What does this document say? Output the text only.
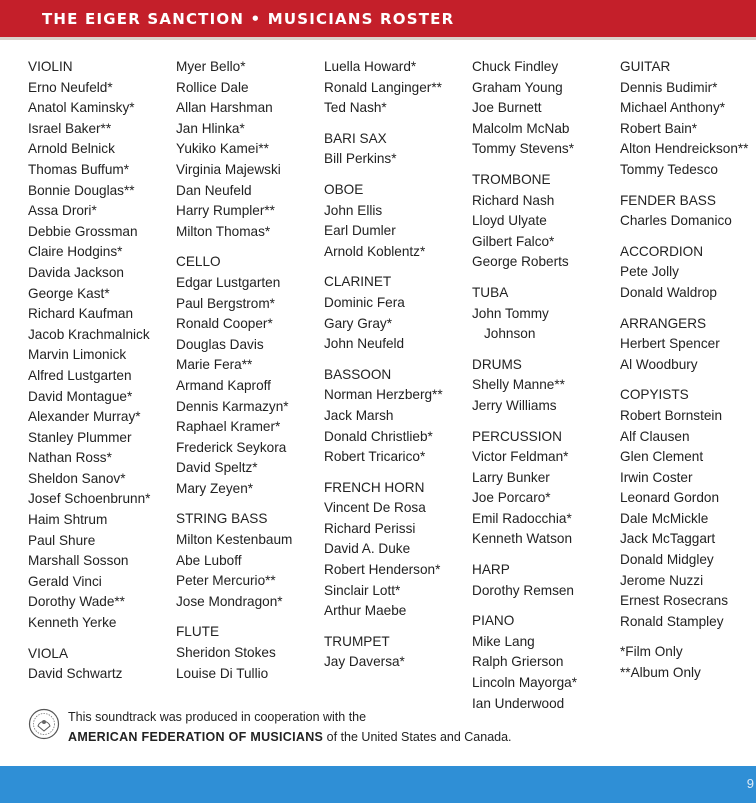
THE EIGER SANCTION • MUSICIANS ROSTER
VIOLIN
Erno Neufeld*
Anatol Kaminsky*
Israel Baker**
Arnold Belnick
Thomas Buffum*
Bonnie Douglas**
Assa Drori*
Debbie Grossman
Claire Hodgins*
Davida Jackson
George Kast*
Richard Kaufman
Jacob Krachmalnick
Marvin Limonick
Alfred Lustgarten
David Montague*
Alexander Murray*
Stanley Plummer
Nathan Ross*
Sheldon Sanov*
Josef Schoenbrunn*
Haim Shtrum
Paul Shure
Marshall Sosson
Gerald Vinci
Dorothy Wade**
Kenneth Yerke
VIOLA
David Schwartz
Myer Bello*
Rollice Dale
Allan Harshman
Jan Hlinka*
Yukiko Kamei**
Virginia Majewski
Dan Neufeld
Harry Rumpler**
Milton Thomas*
CELLO
Edgar Lustgarten
Paul Bergstrom*
Ronald Cooper*
Douglas Davis
Marie Fera**
Armand Kaproff
Dennis Karmazyn*
Raphael Kramer*
Frederick Seykora
David Speltz*
Mary Zeyen*
STRING BASS
Milton Kestenbaum
Abe Luboff
Peter Mercurio**
Jose Mondragon*
FLUTE
Sheridon Stokes
Louise Di Tullio
Luella Howard*
Ronald Langinger**
Ted Nash*
BARI SAX
Bill Perkins*
OBOE
John Ellis
Earl Dumler
Arnold Koblentz*
CLARINET
Dominic Fera
Gary Gray*
John Neufeld
BASSOON
Norman Herzberg**
Jack Marsh
Donald Christlieb*
Robert Tricarico*
FRENCH HORN
Vincent De Rosa
Richard Perissi
David A. Duke
Robert Henderson*
Sinclair Lott*
Arthur Maebe
TRUMPET
Jay Daversa*
Chuck Findley
Graham Young
Joe Burnett
Malcolm McNab
Tommy Stevens*
TROMBONE
Richard Nash
Lloyd Ulyate
Gilbert Falco*
George Roberts
TUBA
John Tommy
Johnson
DRUMS
Shelly Manne**
Jerry Williams
PERCUSSION
Victor Feldman*
Larry Bunker
Joe Porcaro*
Emil Radocchia*
Kenneth Watson
HARP
Dorothy Remsen
PIANO
Mike Lang
Ralph Grierson
Lincoln Mayorga*
Ian Underwood
GUITAR
Dennis Budimir*
Michael Anthony*
Robert Bain*
Alton Hendreickson**
Tommy Tedesco
FENDER BASS
Charles Domanico
ACCORDION
Pete Jolly
Donald Waldrop
ARRANGERS
Herbert Spencer
Al Woodbury
COPYISTS
Robert Bornstein
Alf Clausen
Glen Clement
Irwin Coster
Leonard Gordon
Dale McMickle
Jack McTaggart
Donald Midgley
Jerome Nuzzi
Ernest Rosecrans
Ronald Stampley
*Film Only
**Album Only
This soundtrack was produced in cooperation with the
AMERICAN FEDERATION OF MUSICIANS of the United States and Canada.
9
